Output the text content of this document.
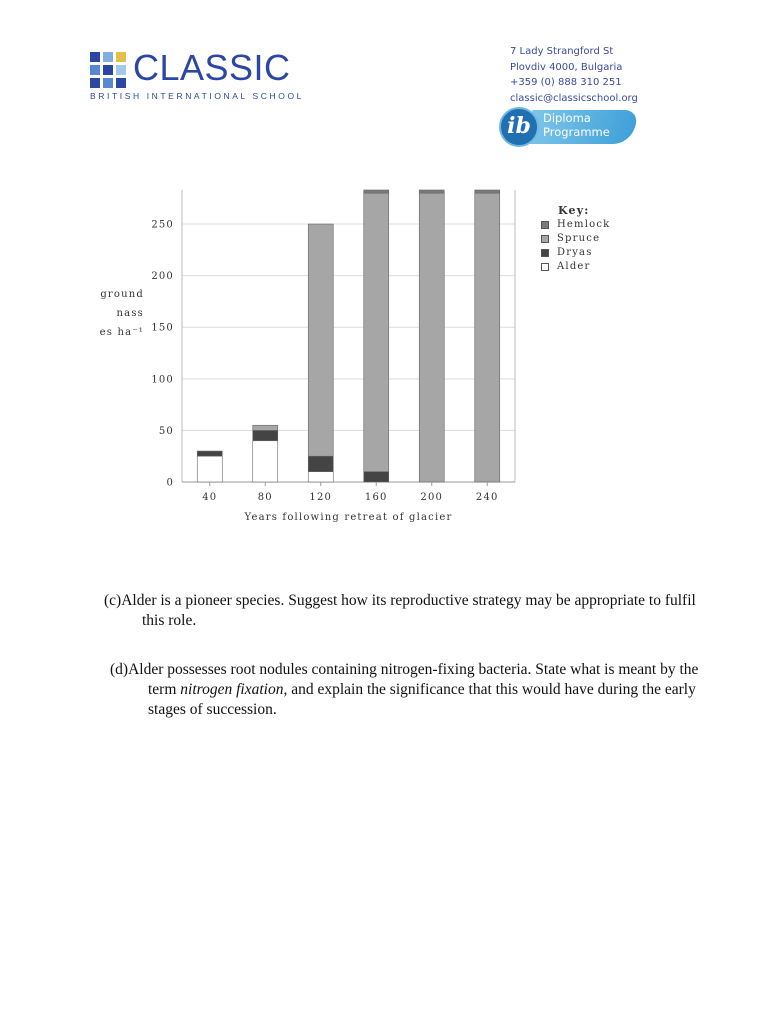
CLASSIC
BRITISH INTERNATIONAL SCHOOL
7 Lady Strangford St
Plovdiv 4000, Bulgaria
+359 (0) 888 310 251
classic@classicschool.org
ib	Diploma
Programme
0
50
100
150
200
250
40	80	120	160	200	240
Years following retreat of glacier
ground
nass
es ha⁻¹
Key:
Hemlock
Spruce
Dryas
Alder
(c)Alder is a pioneer species. Suggest how its reproductive strategy may be appropriate to fulfil
this role.
(d)Alder possesses root nodules containing nitrogen-fixing bacteria. State what is meant by the
term nitrogen fixation, and explain the significance that this would have during the early
stages of succession.
